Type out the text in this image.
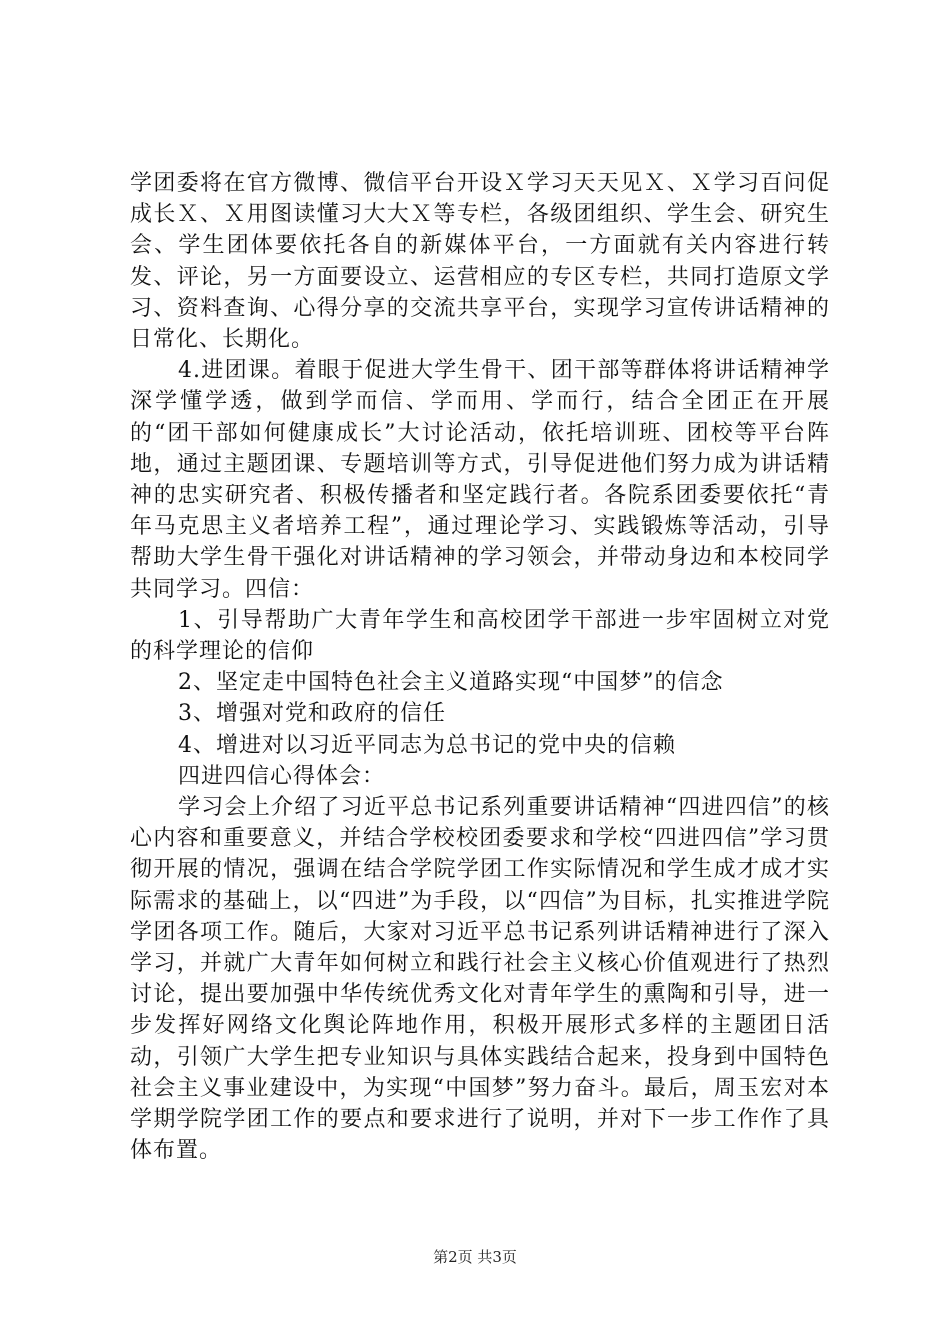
学团委将在官方微博、微信平台开设Ｘ学习天天见Ｘ、Ｘ学习百问促成长Ｘ、Ｘ用图读懂习大大Ｘ等专栏，各级团组织、学生会、研究生会、学生团体要依托各自的新媒体平台，一方面就有关内容进行转发、评论，另一方面要设立、运营相应的专区专栏，共同打造原文学习、资料查询、心得分享的交流共享平台，实现学习宣传讲话精神的日常化、长期化。

4.进团课。着眼于促进大学生骨干、团干部等群体将讲话精神学深学懂学透，做到学而信、学而用、学而行，结合全团正在开展的“团干部如何健康成长”大讨论活动，依托培训班、团校等平台阵地，通过主题团课、专题培训等方式，引导促进他们努力成为讲话精神的忠实研究者、积极传播者和坚定践行者。各院系团委要依托“青年马克思主义者培养工程”，通过理论学习、实践锻炼等活动，引导帮助大学生骨干强化对讲话精神的学习领会，并带动身边和本校同学共同学习。四信：

1、引导帮助广大青年学生和高校团学干部进一步牢固树立对党的科学理论的信仰

2、坚定走中国特色社会主义道路实现“中国梦”的信念

3、增强对党和政府的信任

4、增进对以习近平同志为总书记的党中央的信赖

四进四信心得体会：

学习会上介绍了习近平总书记系列重要讲话精神“四进四信”的核心内容和重要意义，并结合学校校团委要求和学校“四进四信”学习贯彻开展的情况，强调在结合学院学团工作实际情况和学生成才成才实际需求的基础上，以“四进”为手段，以“四信”为目标，扎实推进学院学团各项工作。随后，大家对习近平总书记系列讲话精神进行了深入学习，并就广大青年如何树立和践行社会主义核心价值观进行了热烈讨论，提出要加强中华传统优秀文化对青年学生的熏陶和引导，进一步发挥好网络文化舆论阵地作用，积极开展形式多样的主题团日活动，引领广大学生把专业知识与具体实践结合起来，投身到中国特色社会主义事业建设中，为实现“中国梦”努力奋斗。最后，周玉宏对本学期学院学团工作的要点和要求进行了说明，并对下一步工作作了具体布置。

第2页 共3页
